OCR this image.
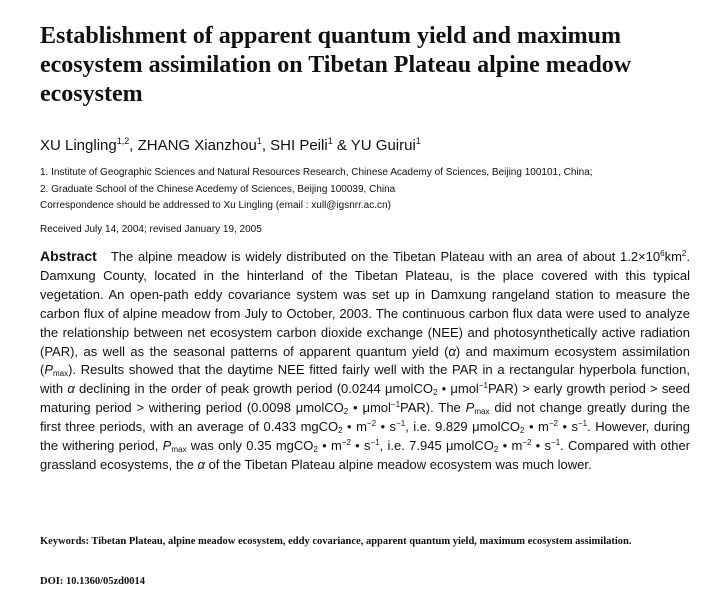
Establishment of apparent quantum yield and maximum ecosystem assimilation on Tibetan Plateau alpine meadow ecosystem
XU Lingling$^{1,2}$, ZHANG Xianzhou$^1$, SHI Peili$^1$ & YU Guirui$^1$
1. Institute of Geographic Sciences and Natural Resources Research, Chinese Academy of Sciences, Beijing 100101, China;
2. Graduate School of the Chinese Acedemy of Sciences, Beijing 100039, China
Correspondence should be addressed to Xu Lingling (email : xull@igsnrr.ac.cn)
Received July 14, 2004; revised January 19, 2005

Abstract The alpine meadow is widely distributed on the Tibetan Plateau with an area of about $1.2\times 10^6km^2$. Damxung County, located in the hinterland of the Tibetan Plateau, is the place covered with this typical vegetation. An open-path eddy covariance system was set up in Damxung rangeland station to measure the carbon flux of alpine meadow from July to October, 2003. The continuous carbon flux data were used to analyze the relationship between net ecosystem carbon dioxide exchange (NEE) and photosynthetically active radiation (PAR), as well as the seasonal patterns of apparent quantum yield (α) and maximum ecosystem assimilation $(P_{max})$. Results showed that the daytime NEE fitted fairly well with the PAR in a rectangular hyperbola function, with α declining in the order of peak growth period (0.0244 μmolCO$_2$ • μmol$^{-1}$PAR) > early growth period > seed maturing period > withering period (0.0098 μmolCO$_2$ • μmol$^{-1}$PAR). The $P_{max}$ did not change greatly during the first three periods, with an average of 0.433 mgCO$_2$ • $m^{-2}$ • $s^{-1}$, i.e. 9.829 μmolCO$_2$ • $m^{-2}$ • $s^{-1}$. However, during the withering period, $P_{max}$ was only 0.35 mgCO$_2$ • $m^{-2}$ • $s^{-1}$, i.e. 7.945 μmolCO$_2$ • $m^{-2}$ • $s^{-1}$. Compared with other grassland ecosystems, the α of the Tibetan Plateau alpine meadow ecosystem was much lower.

Keywords: Tibetan Plateau, alpine meadow ecosystem, eddy covariance, apparent quantum yield, maximum ecosystem assimilation.
DOI: 10.1360/05zd0014
